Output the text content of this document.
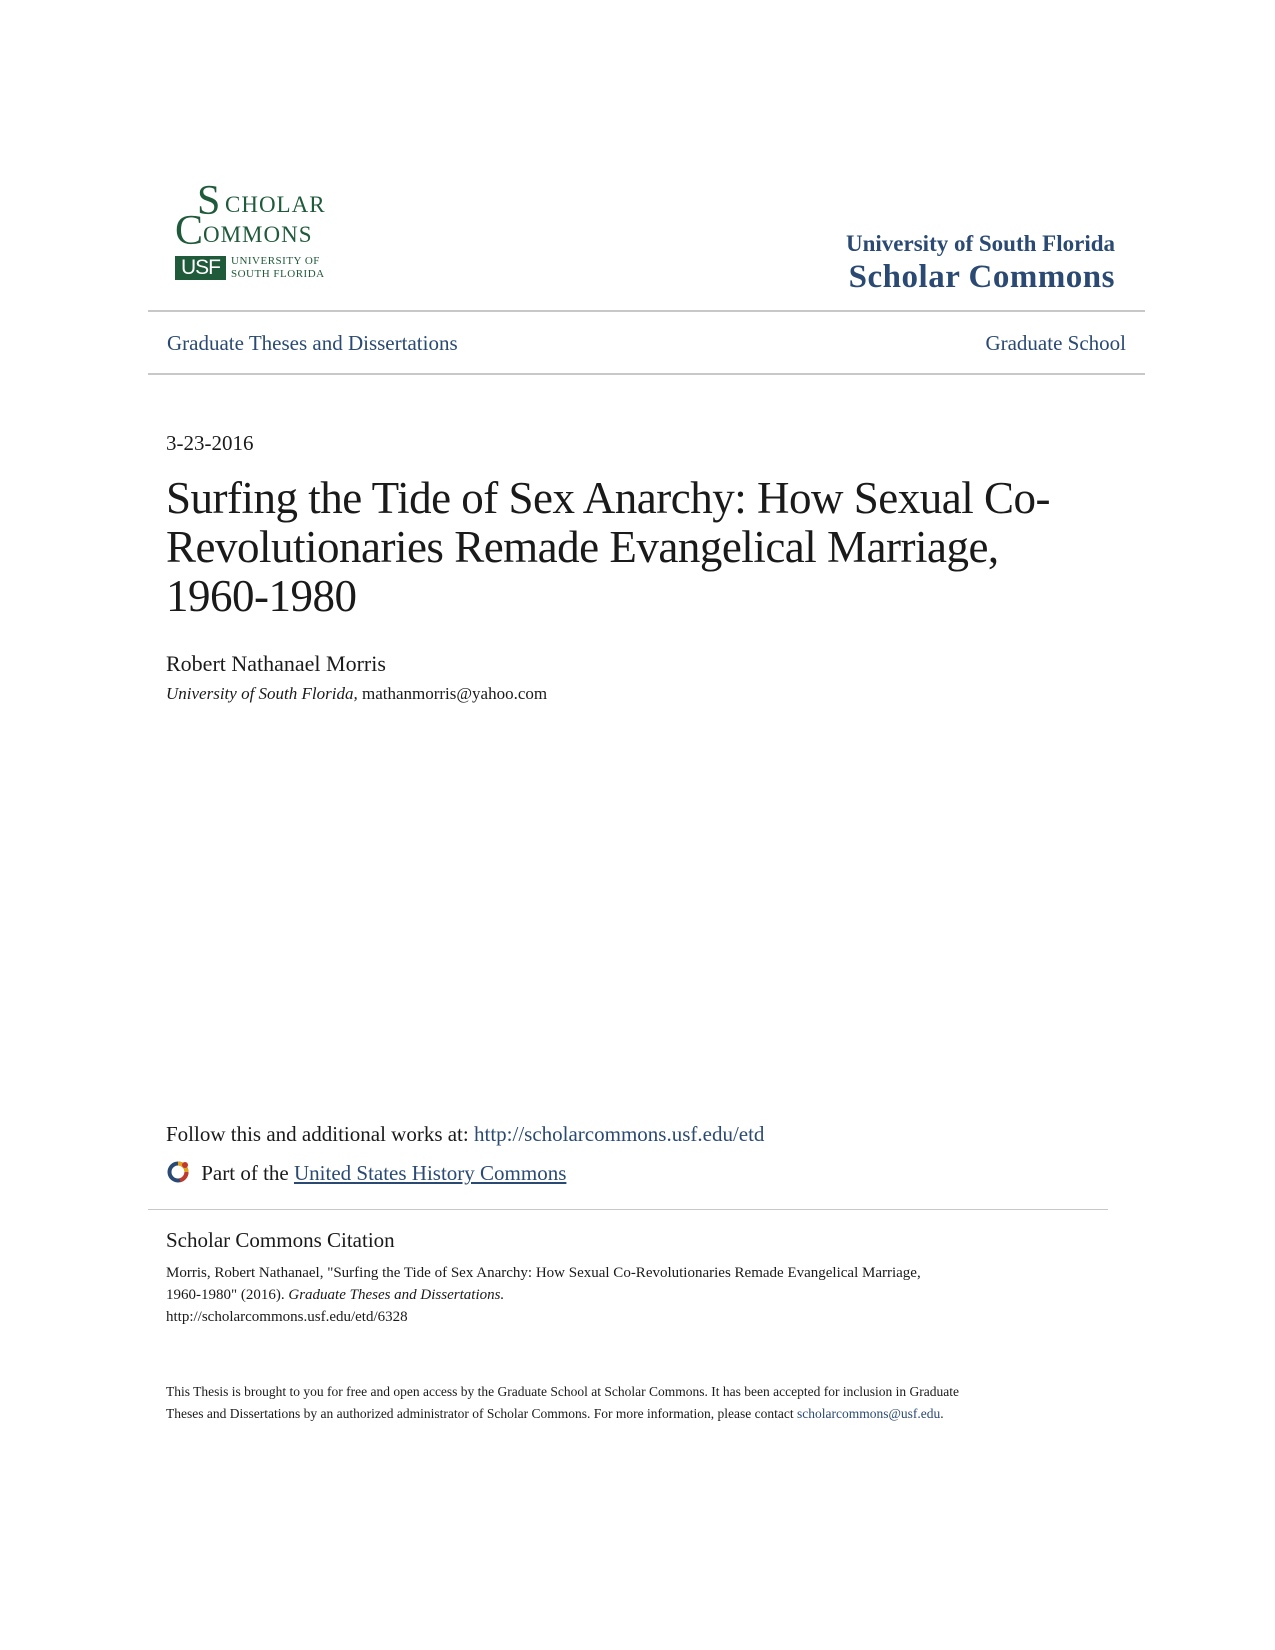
S CHOLAR
C OMMONS
USF	UNIVERSITY OF
SOUTH FLORIDA
University of South Florida
Scholar Commons
Graduate Theses and Dissertations	Graduate School
3-23-2016
Surfing the Tide of Sex Anarchy: How Sexual Co-
Revolutionaries Remade Evangelical Marriage,
1960-1980
Robert Nathanael Morris
University of South Florida, mathanmorris@yahoo.com
Follow this and additional works at: http://scholarcommons.usf.edu/etd
Part of the United States History Commons
Scholar Commons Citation
Morris, Robert Nathanael, "Surfing the Tide of Sex Anarchy: How Sexual Co-Revolutionaries Remade Evangelical Marriage,
1960-1980" (2016). Graduate Theses and Dissertations.
http://scholarcommons.usf.edu/etd/6328
This Thesis is brought to you for free and open access by the Graduate School at Scholar Commons. It has been accepted for inclusion in Graduate
Theses and Dissertations by an authorized administrator of Scholar Commons. For more information, please contact scholarcommons@usf.edu.
